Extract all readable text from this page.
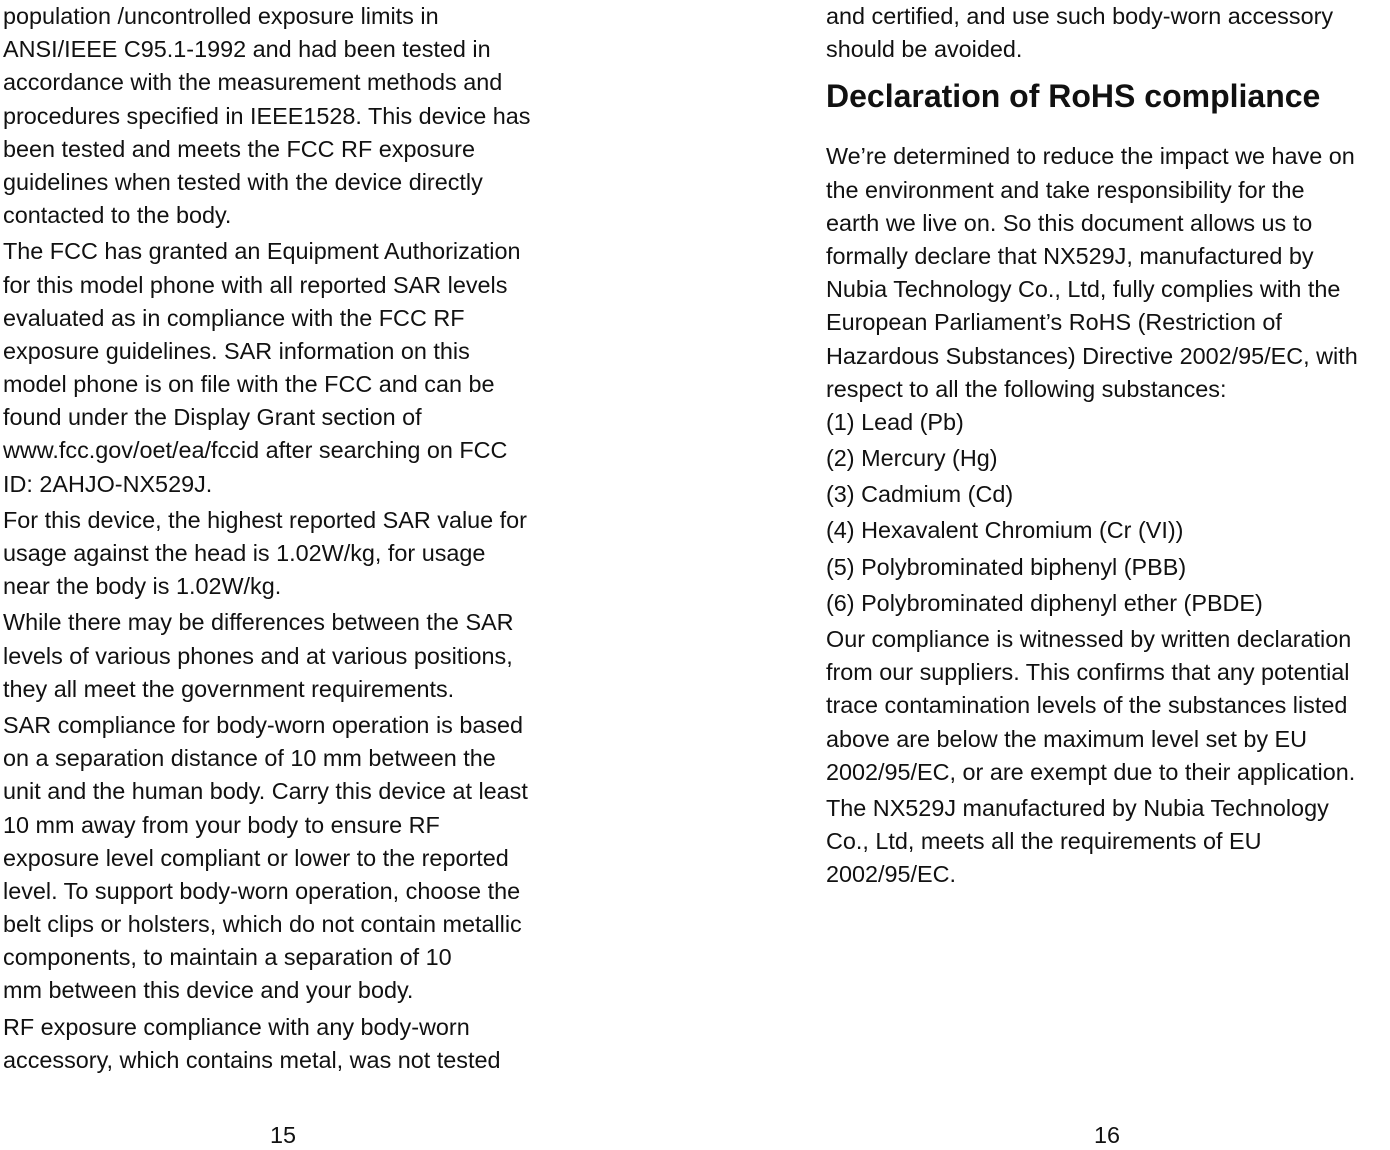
population /uncontrolled exposure limits in
ANSI/IEEE C95.1-1992 and had been tested in
accordance with the measurement methods and
procedures specified in IEEE1528. This device has
been tested and meets the FCC RF exposure
guidelines when tested with the device directly
contacted to the body.
The FCC has granted an Equipment Authorization
for this model phone with all reported SAR levels
evaluated as in compliance with the FCC RF
exposure guidelines. SAR information on this
model phone is on file with the FCC and can be
found under the Display Grant section of
www.fcc.gov/oet/ea/fccid after searching on FCC
ID: 2AHJO-NX529J.
For this device, the highest reported SAR value for
usage against the head is 1.02W/kg, for usage
near the body is 1.02W/kg.
While there may be differences between the SAR
levels of various phones and at various positions,
they all meet the government requirements.
SAR compliance for body-worn operation is based
on a separation distance of 10 mm between the
unit and the human body. Carry this device at least
10 mm away from your body to ensure RF
exposure level compliant or lower to the reported
level. To support body-worn operation, choose the
belt clips or holsters, which do not contain metallic
components, to maintain a separation of 10
mm between this device and your body.
RF exposure compliance with any body-worn
accessory, which contains metal, was not tested
15
and certified, and use such body-worn accessory
should be avoided.
Declaration of RoHS compliance
We’re determined to reduce the impact we have on
the environment and take responsibility for the
earth we live on. So this document allows us to
formally declare that NX529J, manufactured by
Nubia Technology Co., Ltd, fully complies with the
European Parliament’s RoHS (Restriction of
Hazardous Substances) Directive 2002/95/EC, with
respect to all the following substances:
(1) Lead (Pb)
(2) Mercury (Hg)
(3) Cadmium (Cd)
(4) Hexavalent Chromium (Cr (VI))
(5) Polybrominated biphenyl (PBB)
(6) Polybrominated diphenyl ether (PBDE)
Our compliance is witnessed by written declaration
from our suppliers. This confirms that any potential
trace contamination levels of the substances listed
above are below the maximum level set by EU
2002/95/EC, or are exempt due to their application.
The NX529J manufactured by Nubia Technology
Co., Ltd, meets all the requirements of EU
2002/95/EC.
16
